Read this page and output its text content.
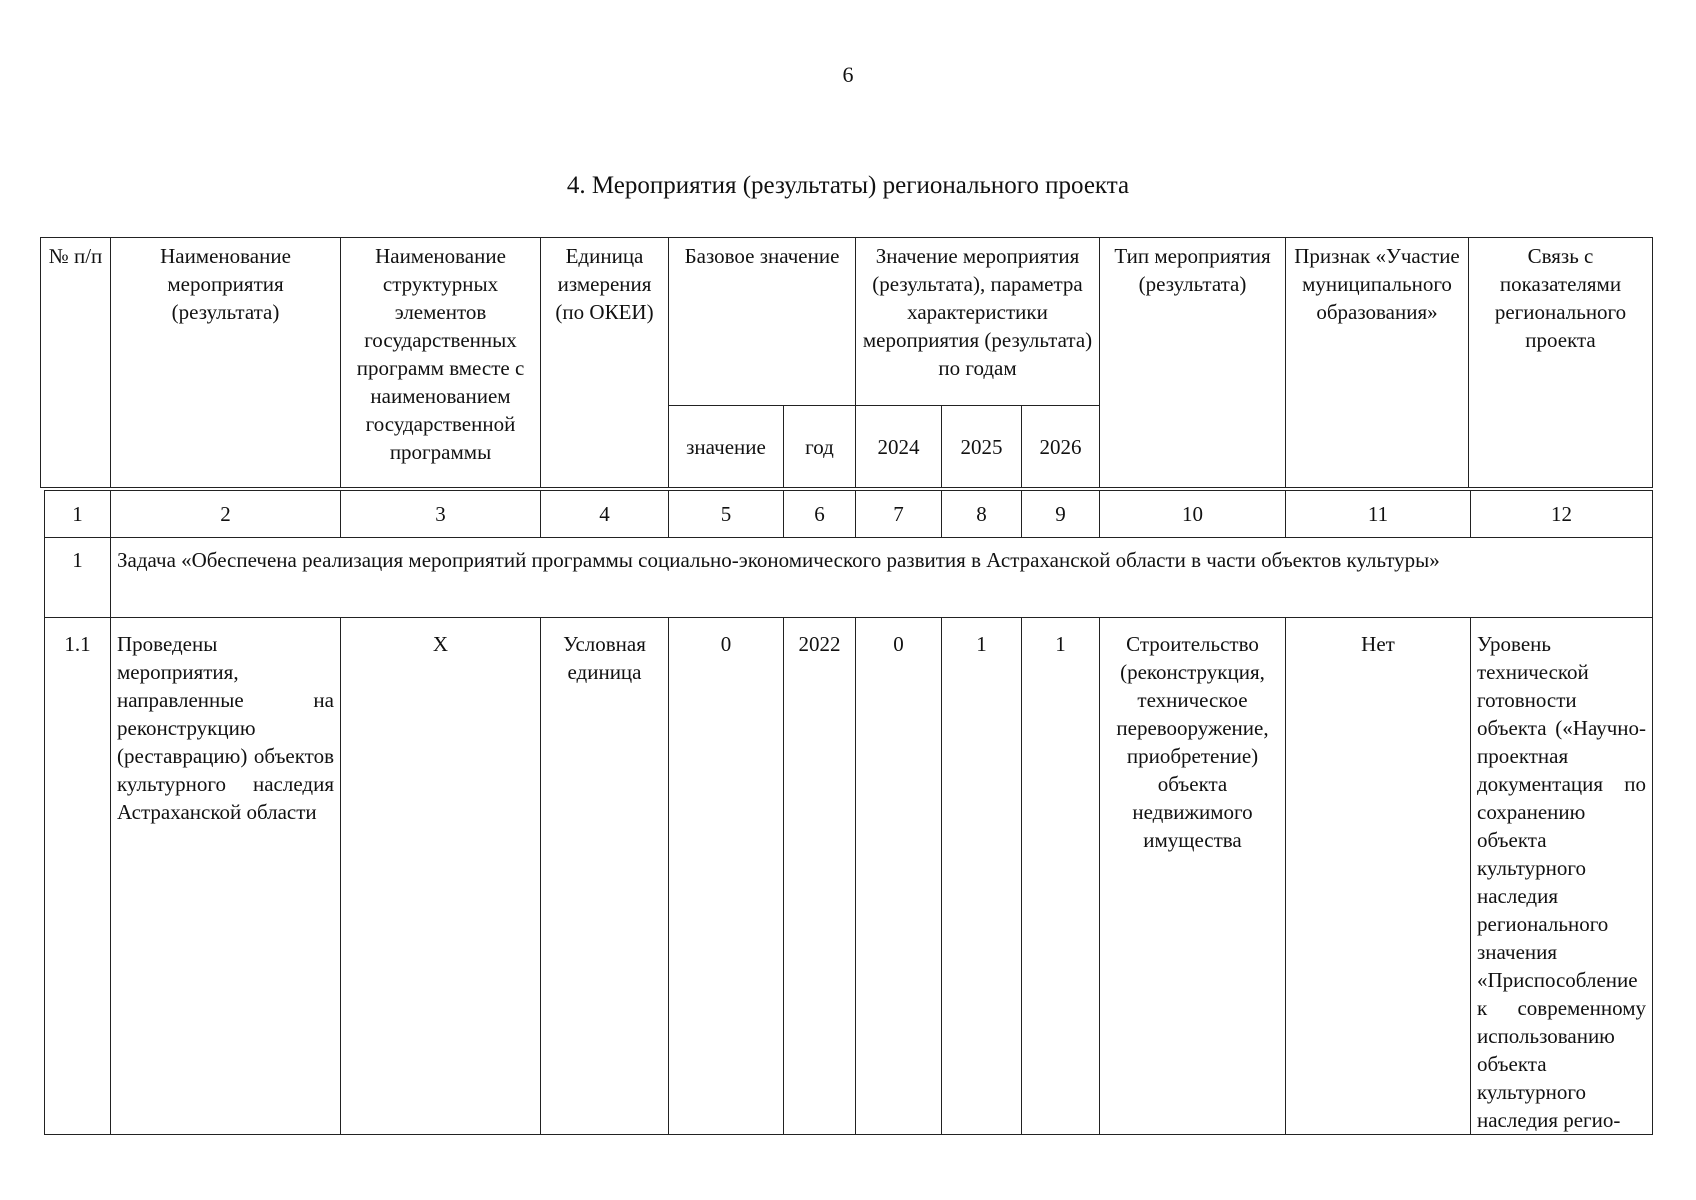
6
4. Мероприятия (результаты) регионального проекта
№ п/п	Наименование мероприятия (результата)	Наименование структурных элементов государственных программ вместе с наименованием государственной программы	Единица измерения (по ОКЕИ)	Базовое значение		Значение мероприятия (результата), параметра характеристики мероприятия (результата) по годам			Тип мероприятия (результата)	Признак «Участие муниципального образования»	Связь с показателями регионального проекта
				значение	год	2024	2025	2026			
1	2	3	4	5	6	7	8	9	10	11	12
1	Задача «Обеспечена реализация мероприятий программы социально-экономического развития в Астраханской области в части объектов культуры»										
1.1	Проведены мероприятия, направленные на реконструкцию (реставрацию) объектов культурного наследия Астраханской области	Х	Условная единица	0	2022	0	1	1	Строительство (реконструкция, техническое перевооружение, приобретение) объекта недвижимого имущества	Нет	Уровень технической готовности объекта («Научно-проектная документация по сохранению объекта культурного наследия регионального значения «Приспособление к современному использованию объекта культурного наследия регио-
